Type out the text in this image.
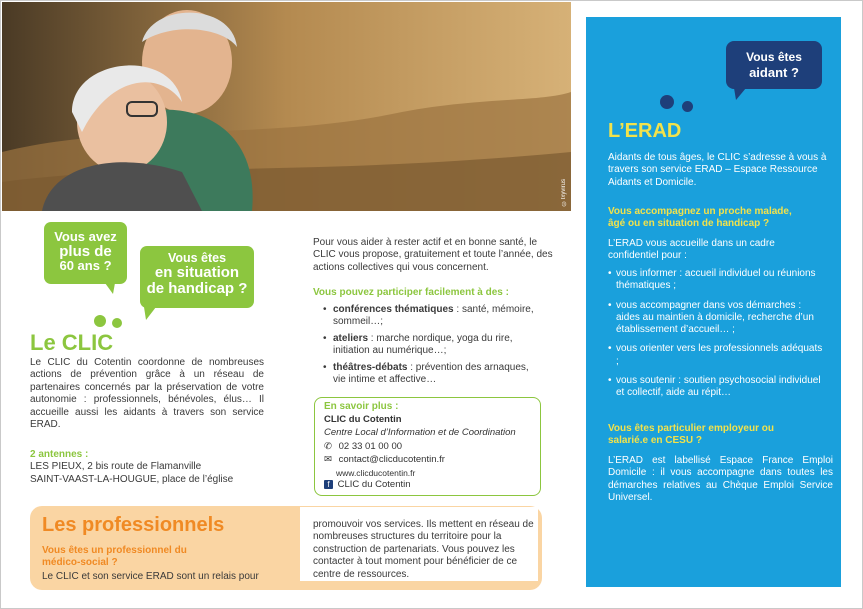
©Ixyvirus
Vous avez
plus de
60 ans ?
Vous êtes
en situation
de handicap ?
Le CLIC
Le CLIC du Cotentin coordonne de nombreuses actions de prévention grâce à un réseau de partenaires concernés par la préservation de votre autonomie : professionnels, bénévoles, élus… Il accueille aussi les aidants à travers son service ERAD.
2 antennes :
LES PIEUX, 2 bis route de Flamanville
SAINT-VAAST-LA-HOUGUE, place de l’église
Pour vous aider à rester actif et en bonne santé, le CLIC vous propose, gratuitement et toute l’année, des actions collectives qui vous concernent.
Vous pouvez participer facilement à des :
• conférences thématiques : santé, mémoire, sommeil…;
• ateliers : marche nordique, yoga du rire, initiation au numérique…;
• théâtres-débats : prévention des arnaques, vie intime et affective…
En savoir plus :
CLIC du Cotentin
Centre Local d’Information et de Coordination
✆ 02 33 01 00 00
✉ contact@clicducotentin.fr
www.clicducotentin.fr
f CLIC du Cotentin
Les professionnels
Vous êtes un professionnel du médico-social ?
Le CLIC et son service ERAD sont un relais pour
promouvoir vos services. Ils mettent en réseau de nombreuses structures du territoire pour la construction de partenariats. Vous pouvez les contacter à tout moment pour bénéficier de ce centre de ressources.
Vous êtes
aidant ?
L’ERAD
Aidants de tous âges, le CLIC s’adresse à vous à travers son service ERAD – Espace Ressource Aidants et Domicile.
Vous accompagnez un proche malade, âgé ou en situation de handicap ?
L’ERAD vous accueille dans un cadre confidentiel pour :
• vous informer : accueil individuel ou réunions thématiques ;
• vous accompagner dans vos démarches : aides au maintien à domicile, recherche d’un établissement d’accueil… ;
• vous orienter vers les professionnels adéquats ;
• vous soutenir : soutien psychosocial individuel et collectif, aide au répit…
Vous êtes particulier employeur ou salarié.e en CESU ?
L’ERAD est labellisé Espace France Emploi Domicile : il vous accompagne dans toutes les démarches relatives au Chèque Emploi Service Universel.
